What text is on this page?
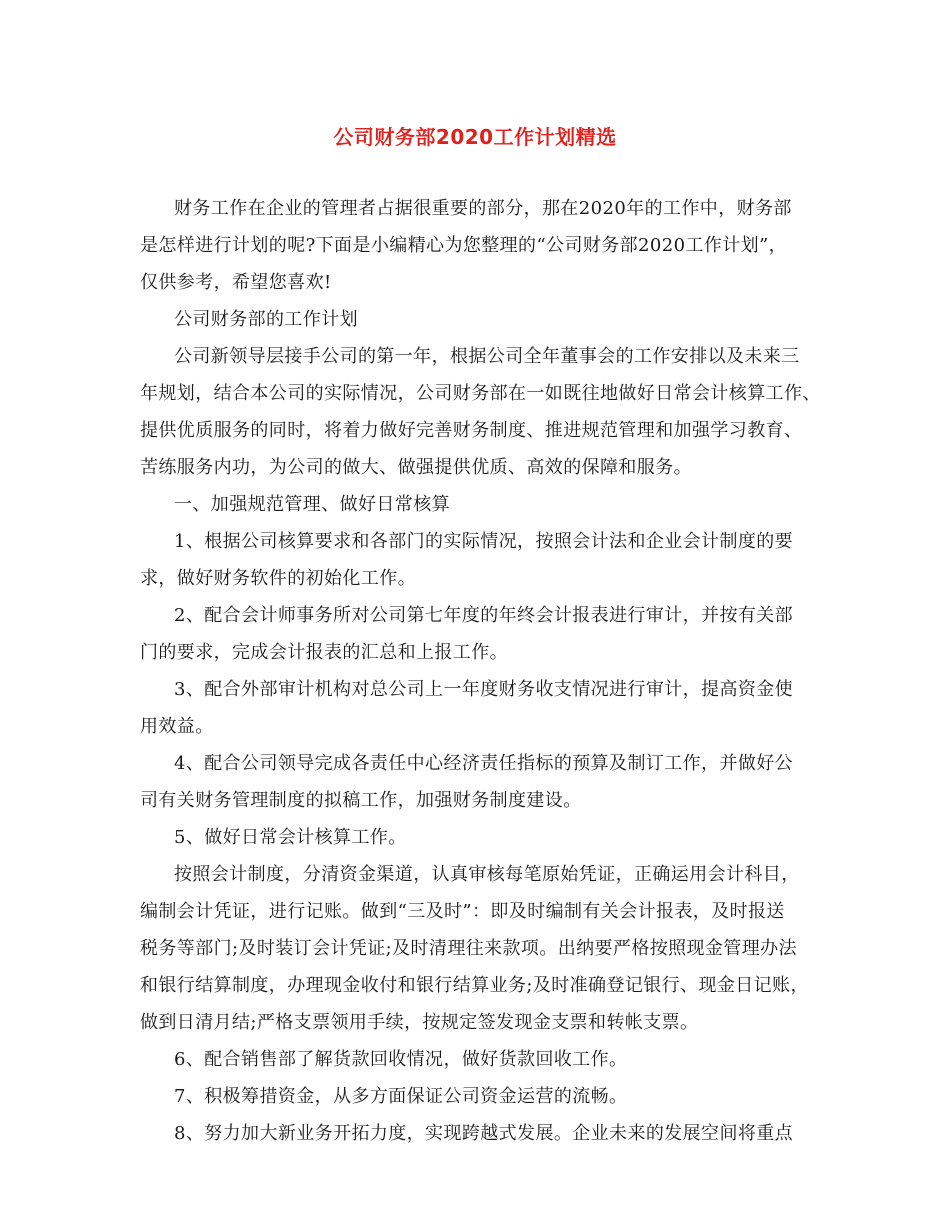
公司财务部2020工作计划精选
财务工作在企业的管理者占据很重要的部分，那在2020年的工作中，财务部
是怎样进行计划的呢?下面是小编精心为您整理的“公司财务部2020工作计划”，
仅供参考，希望您喜欢!
公司财务部的工作计划
公司新领导层接手公司的第一年，根据公司全年董事会的工作安排以及未来三
年规划，结合本公司的实际情况，公司财务部在一如既往地做好日常会计核算工作、
提供优质服务的同时，将着力做好完善财务制度、推进规范管理和加强学习教育、
苦练服务内功，为公司的做大、做强提供优质、高效的保障和服务。
一、加强规范管理、做好日常核算
1、根据公司核算要求和各部门的实际情况，按照会计法和企业会计制度的要
求，做好财务软件的初始化工作。
2、配合会计师事务所对公司第七年度的年终会计报表进行审计，并按有关部
门的要求，完成会计报表的汇总和上报工作。
3、配合外部审计机构对总公司上一年度财务收支情况进行审计，提高资金使
用效益。
4、配合公司领导完成各责任中心经济责任指标的预算及制订工作，并做好公
司有关财务管理制度的拟稿工作，加强财务制度建设。
5、做好日常会计核算工作。
按照会计制度，分清资金渠道，认真审核每笔原始凭证，正确运用会计科目，
编制会计凭证，进行记账。做到“三及时”：即及时编制有关会计报表，及时报送
税务等部门;及时装订会计凭证;及时清理往来款项。出纳要严格按照现金管理办法
和银行结算制度，办理现金收付和银行结算业务;及时准确登记银行、现金日记账，
做到日清月结;严格支票领用手续，按规定签发现金支票和转帐支票。
6、配合销售部了解货款回收情况，做好货款回收工作。
7、积极筹措资金，从多方面保证公司资金运营的流畅。
8、努力加大新业务开拓力度，实现跨越式发展。企业未来的发展空间将重点
